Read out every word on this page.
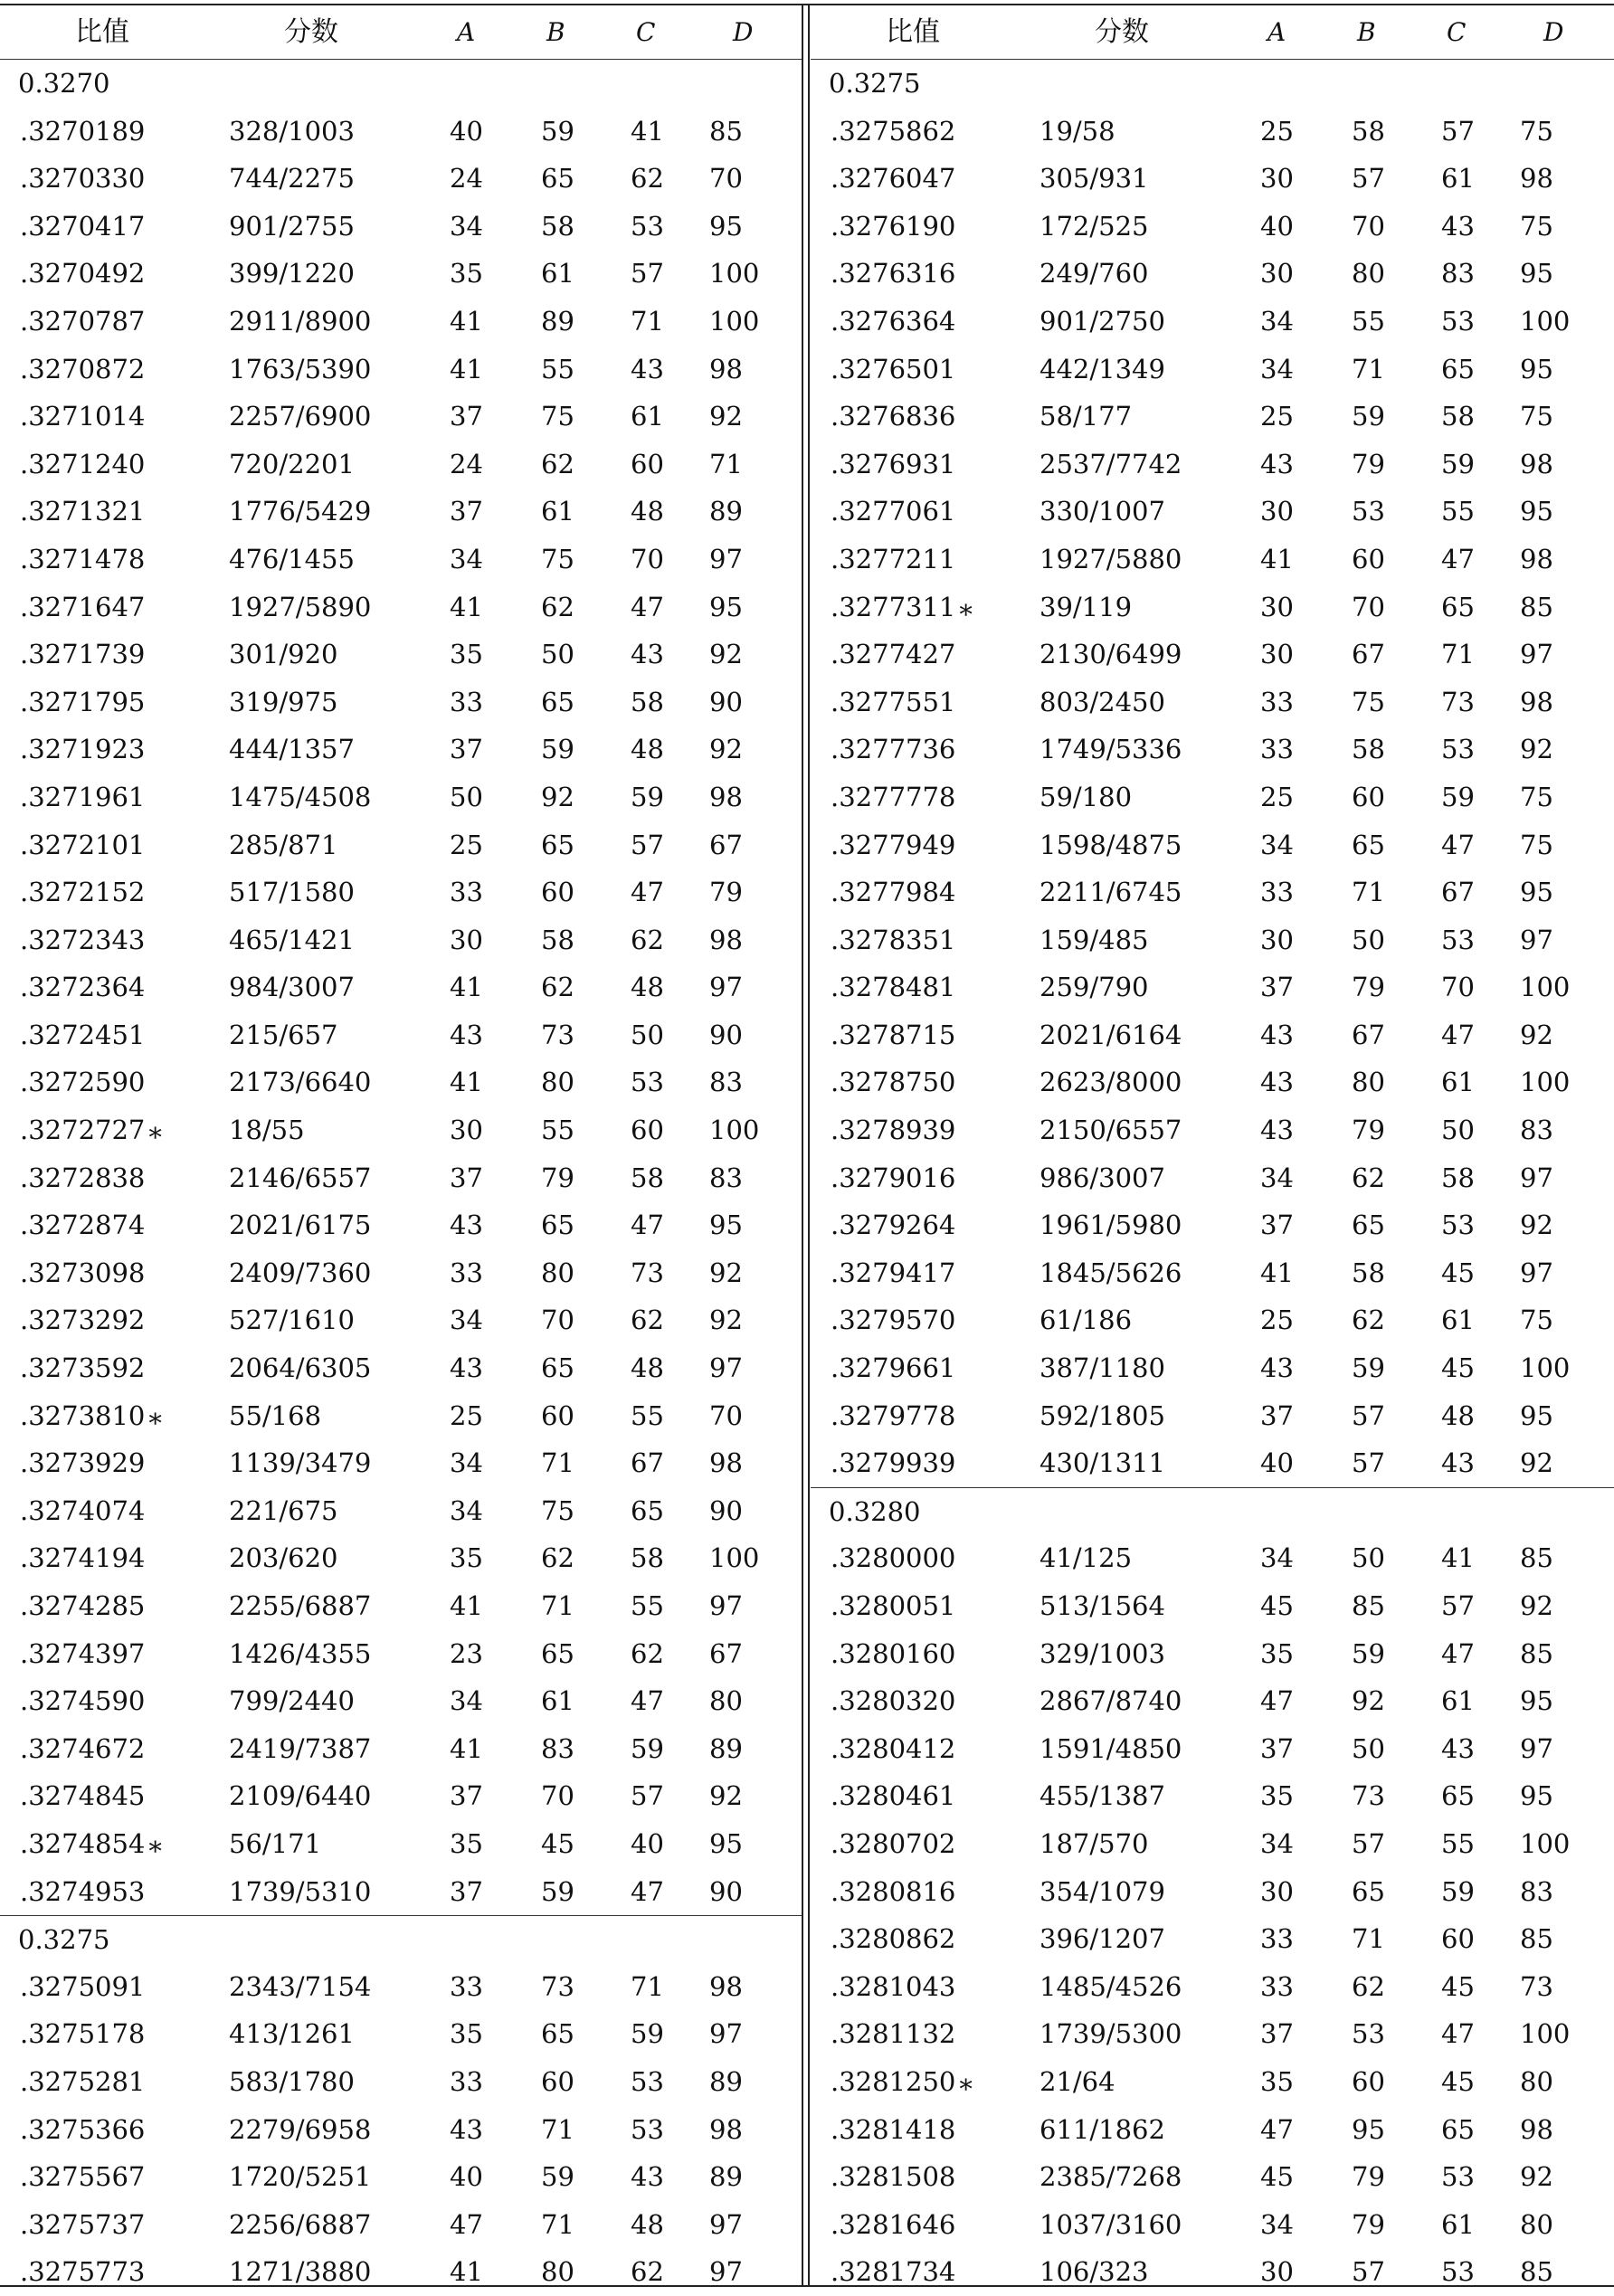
比值	分数	A	B	C	D
0.3270
.3270189	328/1003	40 59 41 85
.3270330	744/2275	24 65 62 70
.3270417	901/2755	34 58 53 95
.3270492	399/1220	35 61 57 100
.3270787	2911/8900	41 89 71 100
.3270872	1763/5390	41 55 43 98
.3271014	2257/6900	37 75 61 92
.3271240	720/2201	24 62 60 71
.3271321	1776/5429	37 61 48 89
.3271478	476/1455	34 75 70 97
.3271647	1927/5890	41 62 47 95
.3271739	301/920	35 50 43 92
.3271795	319/975	33 65 58 90
.3271923	444/1357	37 59 48 92
.3271961	1475/4508	50 92 59 98
.3272101	285/871	25 65 57 67
.3272152	517/1580	33 60 47 79
.3272343	465/1421	30 58 62 98
.3272364	984/3007	41 62 48 97
.3272451	215/657	43 73 50 90
.3272590	2173/6640	41 80 53 83
.3272727 *	18/55	30 55 60 100
.3272838	2146/6557	37 79 58 83
.3272874	2021/6175	43 65 47 95
.3273098	2409/7360	33 80 73 92
.3273292	527/1610	34 70 62 92
.3273592	2064/6305	43 65 48 97
.3273810 *	55/168	25 60 55 70
.3273929	1139/3479	34 71 67 98
.3274074	221/675	34 75 65 90
.3274194	203/620	35 62 58 100
.3274285	2255/6887	41 71 55 97
.3274397	1426/4355	23 65 62 67
.3274590	799/2440	34 61 47 80
.3274672	2419/7387	41 83 59 89
.3274845	2109/6440	37 70 57 92
.3274854 *	56/171	35 45 40 95
.3274953	1739/5310	37 59 47 90
0.3275
.3275091	2343/7154	33 73 71 98
.3275178	413/1261	35 65 59 97
.3275281	583/1780	33 60 53 89
.3275366	2279/6958	43 71 53 98
.3275567	1720/5251	40 59 43 89
.3275737	2256/6887	47 71 48 97
.3275773	1271/3880	41 80 62 97
比值	分数	A	B	C	D
0.3275
.3275862	19/58	25 58 57 75
.3276047	305/931	30 57 61 98
.3276190	172/525	40 70 43 75
.3276316	249/760	30 80 83 95
.3276364	901/2750	34 55 53 100
.3276501	442/1349	34 71 65 95
.3276836	58/177	25 59 58 75
.3276931	2537/7742	43 79 59 98
.3277061	330/1007	30 53 55 95
.3277211	1927/5880	41 60 47 98
.3277311 *	39/119	30 70 65 85
.3277427	2130/6499	30 67 71 97
.3277551	803/2450	33 75 73 98
.3277736	1749/5336	33 58 53 92
.3277778	59/180	25 60 59 75
.3277949	1598/4875	34 65 47 75
.3277984	2211/6745	33 71 67 95
.3278351	159/485	30 50 53 97
.3278481	259/790	37 79 70 100
.3278715	2021/6164	43 67 47 92
.3278750	2623/8000	43 80 61 100
.3278939	2150/6557	43 79 50 83
.3279016	986/3007	34 62 58 97
.3279264	1961/5980	37 65 53 92
.3279417	1845/5626	41 58 45 97
.3279570	61/186	25 62 61 75
.3279661	387/1180	43 59 45 100
.3279778	592/1805	37 57 48 95
.3279939	430/1311	40 57 43 92
0.3280
.3280000	41/125	34 50 41 85
.3280051	513/1564	45 85 57 92
.3280160	329/1003	35 59 47 85
.3280320	2867/8740	47 92 61 95
.3280412	1591/4850	37 50 43 97
.3280461	455/1387	35 73 65 95
.3280702	187/570	34 57 55 100
.3280816	354/1079	30 65 59 83
.3280862	396/1207	33 71 60 85
.3281043	1485/4526	33 62 45 73
.3281132	1739/5300	37 53 47 100
.3281250 *	21/64	35 60 45 80
.3281418	611/1862	47 95 65 98
.3281508	2385/7268	45 79 53 92
.3281646	1037/3160	34 79 61 80
.3281734	106/323	30 57 53 85
